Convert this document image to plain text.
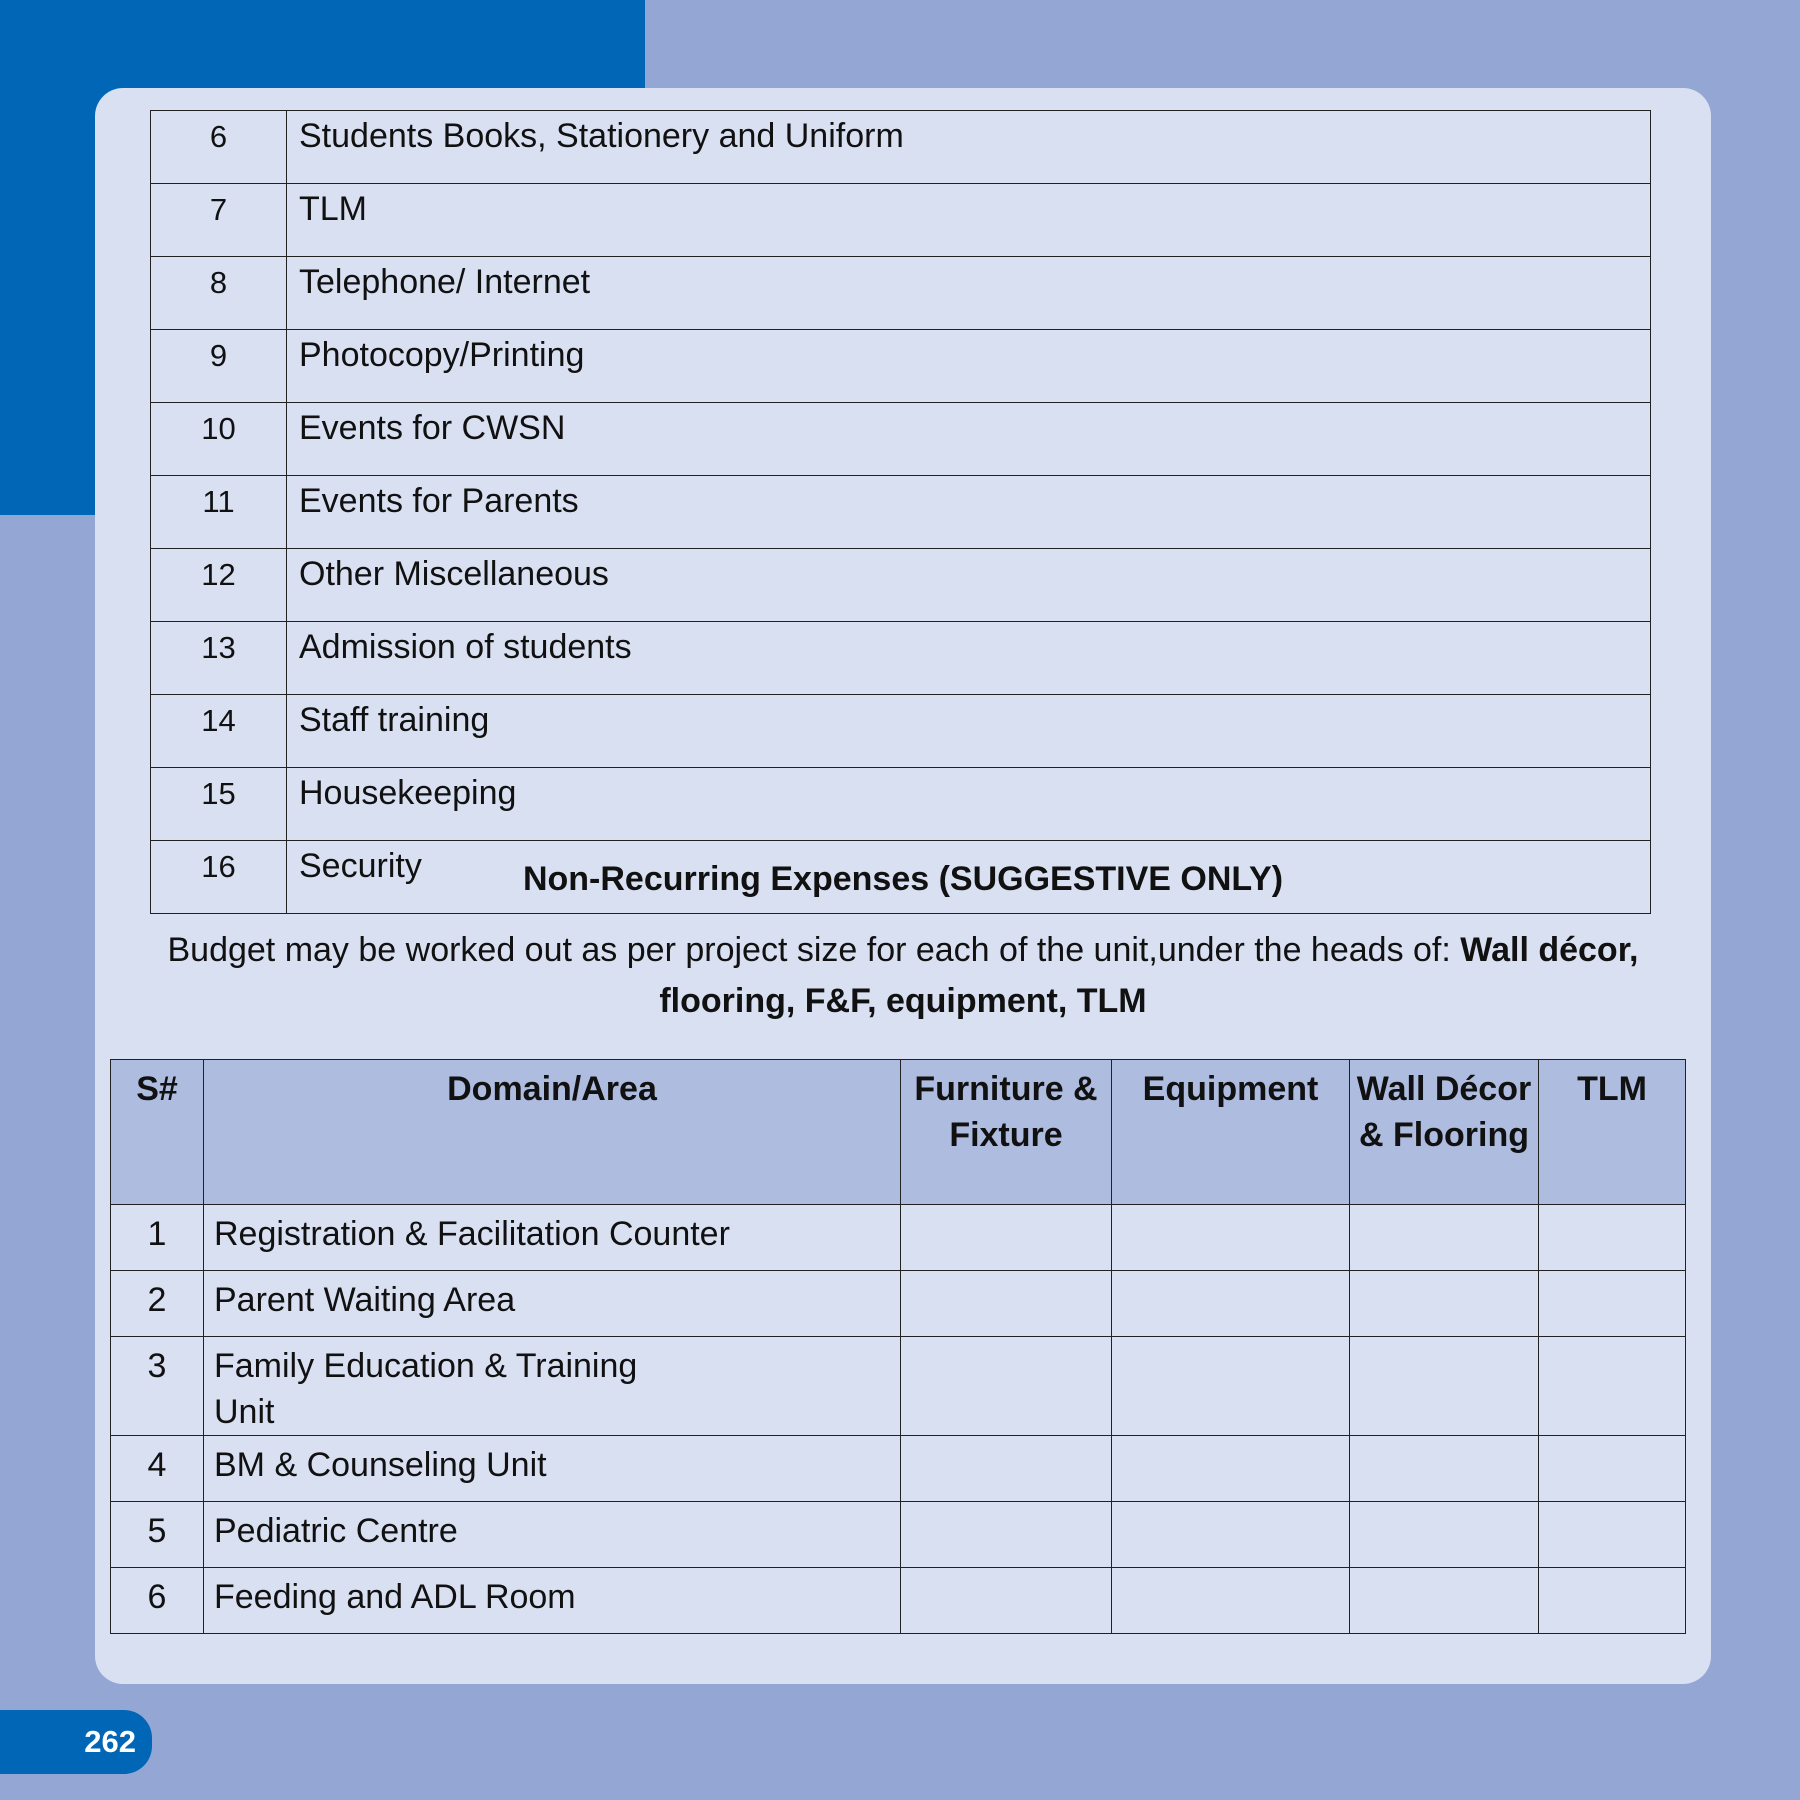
6	Students Books, Stationery and Uniform
7	TLM
8	Telephone/ Internet
9	Photocopy/Printing
10	Events for CWSN
11	Events for Parents
12	Other Miscellaneous
13	Admission of students
14	Staff training
15	Housekeeping
16	Security	Non-Recurring Expenses (SUGGESTIVE ONLY)

Budget may be worked out as per project size for each of the unit,under the heads of: Wall décor, flooring, F&F, equipment, TLM

S#	Domain/Area	Furniture & Fixture	Equipment	Wall Décor & Flooring	TLM
1	Registration & Facilitation Counter				
2	Parent Waiting Area				
3	Family Education & Training Unit				
4	BM & Counseling Unit				
5	Pediatric Centre				
6	Feeding and ADL Room				
262
